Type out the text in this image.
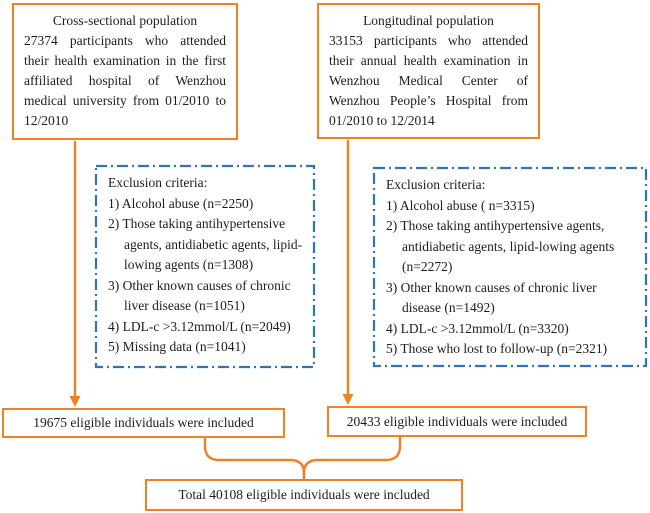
Cross-sectional population
27374 participants who attended their health examination in the first affiliated hospital of Wenzhou medical university from 01/2010 to 12/2010
Longitudinal population
33153 participants who attended their annual health examination in Wenzhou Medical Center of Wenzhou People’s Hospital from 01/2010 to 12/2014
Exclusion criteria:
1) Alcohol abuse (n=2250)
2) Those taking antihypertensive agents, antidiabetic agents, lipid-lowing agents (n=1308)
3) Other known causes of chronic liver disease (n=1051)
4) LDL-c >3.12mmol/L (n=2049)
5) Missing data (n=1041)
Exclusion criteria:
1) Alcohol abuse ( n=3315)
2) Those taking antihypertensive agents, antidiabetic agents, lipid-lowing agents (n=2272)
3) Other known causes of chronic liver disease (n=1492)
4) LDL-c >3.12mmol/L (n=3320)
5) Those who lost to follow-up (n=2321)
19675 eligible individuals were included	20433 eligible individuals were included
Total 40108 eligible individuals were included
